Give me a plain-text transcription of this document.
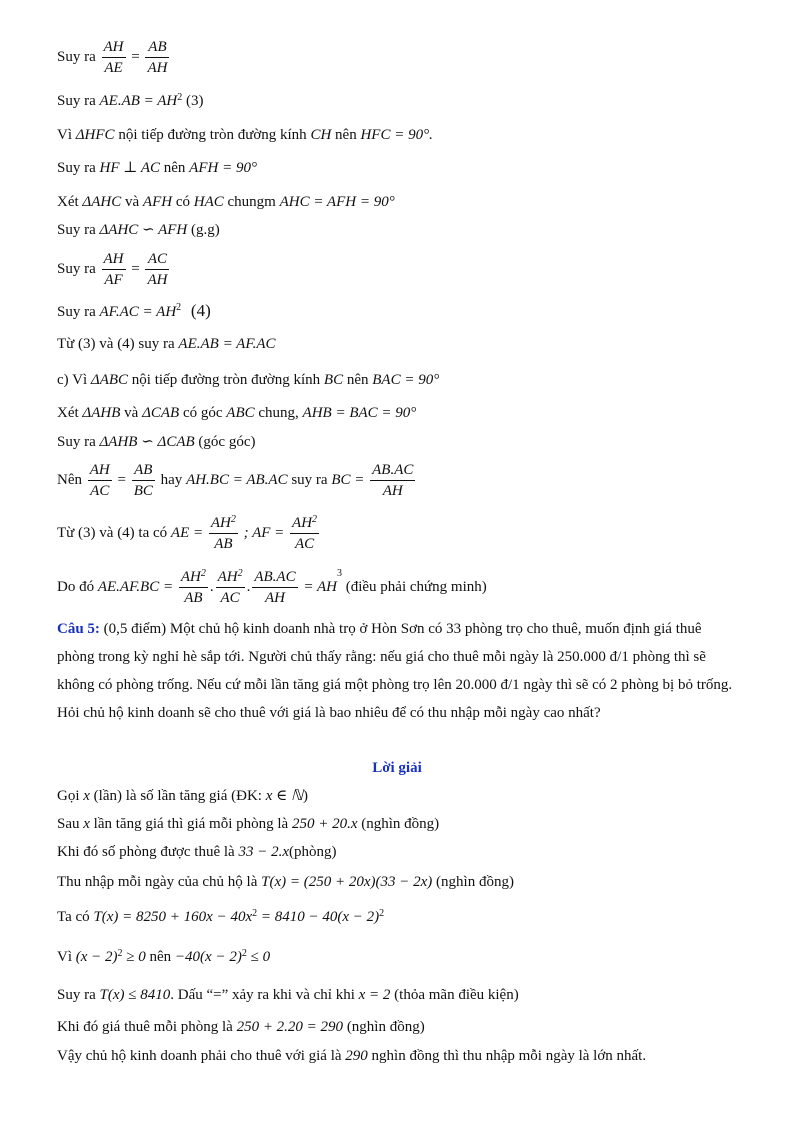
Suy ra $\frac{AH}{AE} = \frac{AB}{AH}$
Suy ra $AE.AB = AH^2$ (3)
Vì ΔHFC nội tiếp đường tròn đường kính CH nên HFC = 90°.
Suy ra HF ⊥ AC nên AFH = 90°
Xét ΔAHC và AFH có HAC chungm AHC = AFH = 90°
Suy ra ΔAHC ∽ AFH (g.g)
Suy ra $\frac{AH}{AF} = \frac{AC}{AH}$
Suy ra $AF.AC = AH^2$ (4)
Từ (3) và (4) suy ra AE.AB = AF.AC
c) Vì ΔABC nội tiếp đường tròn đường kính BC nên BAC = 90°
Xét ΔAHB và ΔCAB có góc ABC chung, AHB = BAC = 90°
Suy ra ΔAHB ∽ ΔCAB (góc góc)
Nên $\frac{AH}{AC} = \frac{AB}{BC}$ hay AH.BC = AB.AC suy ra BC = $\frac{AB.AC}{AH}$
Từ (3) và (4) ta có AE = $\frac{AH^2}{AB}$ ; AF = $\frac{AH^2}{AC}$
Do đó $AE.AF.BC = \frac{AH^2}{AB}$ . $\frac{AH^2}{AC}$ . $\frac{AB.AC}{AH} = AH^3$ (điều phải chứng minh)
Câu 5: (0,5 điểm) Một chủ hộ kinh doanh nhà trọ ở Hòn Sơn có 33 phòng trọ cho thuê, muốn định giá thuê phòng trong kỳ nghỉ hè sắp tới. Người chủ thấy rằng: nếu giá cho thuê mỗi ngày là 250.000 đ/1 phòng thì sẽ không có phòng trống. Nếu cứ mỗi lần tăng giá một phòng trọ lên 20.000 đ/1 ngày thì sẽ có 2 phòng bị bỏ trống. Hỏi chủ hộ kinh doanh sẽ cho thuê với giá là bao nhiêu để có thu nhập mỗi ngày cao nhất?
Lời giải
Gọi x (lần) là số lần tăng giá (ĐK: x ∈ ℕ)
Sau x lần tăng giá thì giá mỗi phòng là 250 + 20.x (nghìn đồng)
Khi đó số phòng được thuê là 33 − 2.x(phòng)
Thu nhập mỗi ngày của chủ hộ là T(x) = (250 + 20x)(33 − 2x) (nghìn đồng)
Ta có $T(x) = 8250 + 160x - 40x^2 = 8410 - 40(x - 2)^2$
Vì $(x - 2)^2 \ge 0$ nên $-40(x - 2)^2 \le 0$
Suy ra T(x) ≤ 8410. Dấu “=” xảy ra khi và chỉ khi x = 2 (thỏa mãn điều kiện)
Khi đó giá thuê mỗi phòng là 250 + 2.20 = 290 (nghìn đồng)
Vậy chủ hộ kinh doanh phải cho thuê với giá là 290 nghìn đồng thì thu nhập mỗi ngày là lớn nhất.
